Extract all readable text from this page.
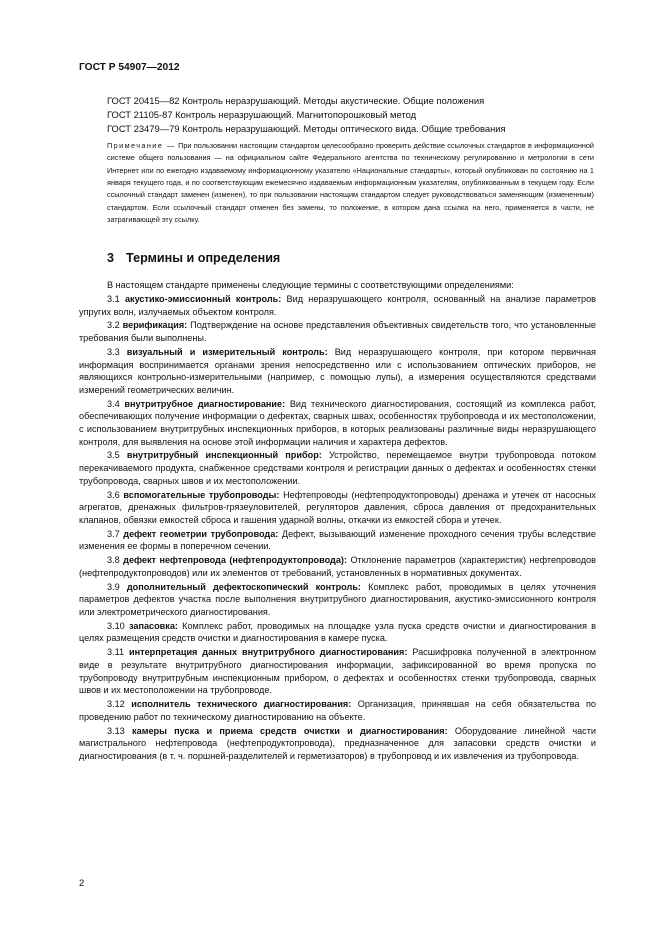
ГОСТ Р 54907—2012
ГОСТ 20415—82 Контроль неразрушающий. Методы акустические. Общие положения
ГОСТ 21105-87 Контроль неразрушающий. Магнитопорошковый метод
ГОСТ 23479—79 Контроль неразрушающий. Методы оптического вида. Общие требования
Примечание — При пользовании настоящим стандартом целесообразно проверить действие ссылочных стандартов в информационной системе общего пользования — на официальном сайте Федерального агентства по техническому регулированию и метрологии в сети Интернет или по ежегодно издаваемому информационному указателю «Национальные стандарты», который опубликован по состоянию на 1 января текущего года, и по соответствующим ежемесячно издаваемым информационным указателям, опубликованным в текущем году. Если ссылочный стандарт заменен (изменен), то при пользовании настоящим стандартом следует руководствоваться заменяющим (измененным) стандартом. Если ссылочный стандарт отменен без замены, то положение, в котором дана ссылка на него, применяется в части, не затрагивающей эту ссылку.
3 Термины и определения

В настоящем стандарте применены следующие термины с соответствующими определениями:

3.1 акустико-эмиссионный контроль: Вид неразрушающего контроля, основанный на анализе параметров упругих волн, излучаемых объектом контроля.

3.2 верификация: Подтверждение на основе представления объективных свидетельств того, что установленные требования были выполнены.

3.3 визуальный и измерительный контроль: Вид неразрушающего контроля, при котором первичная информация воспринимается органами зрения непосредственно или с использованием оптических приборов, не являющихся контрольно-измерительными (например, с помощью лупы), а измерения осуществляются средствами измерений геометрических величин.

3.4 внутритрубное диагностирование: Вид технического диагностирования, состоящий из комплекса работ, обеспечивающих получение информации о дефектах, сварных швах, особенностях трубопровода и их местоположении, с использованием внутритрубных инспекционных приборов, в которых реализованы различные виды неразрушающего контроля, для выявления на основе этой информации наличия и характера дефектов.

3.5 внутритрубный инспекционный прибор: Устройство, перемещаемое внутри трубопровода потоком перекачиваемого продукта, снабженное средствами контроля и регистрации данных о дефектах и особенностях стенки трубопровода, сварных швов и их местоположении.

3.6 вспомогательные трубопроводы: Нефтепроводы (нефтепродуктопроводы) дренажа и утечек от насосных агрегатов, дренажных фильтров-грязеуловителей, регуляторов давления, сброса давления от предохранительных клапанов, обвязки емкостей сброса и гашения ударной волны, откачки из емкостей сбора и утечек.

3.7 дефект геометрии трубопровода: Дефект, вызывающий изменение проходного сечения трубы вследствие изменения ее формы в поперечном сечении.

3.8 дефект нефтепровода (нефтепродуктопровода): Отклонение параметров (характеристик) нефтепроводов (нефтепродуктопроводов) или их элементов от требований, установленных в нормативных документах.

3.9 дополнительный дефектоскопический контроль: Комплекс работ, проводимых в целях уточнения параметров дефектов участка после выполнения внутритрубного диагностирования, акустико-эмиссионного контроля или электрометрического диагностирования.

3.10 запасовка: Комплекс работ, проводимых на площадке узла пуска средств очистки и диагностирования в целях размещения средств очистки и диагностирования в камере пуска.

3.11 интерпретация данных внутритрубного диагностирования: Расшифровка полученной в электронном виде в результате внутритрубного диагностирования информации, зафиксированной во время пропуска по трубопроводу внутритрубным инспекционным прибором, о дефектах и особенностях стенки трубопровода, сварных швов и их местоположении на трубопроводе.

3.12 исполнитель технического диагностирования: Организация, принявшая на себя обязательства по проведению работ по техническому диагностированию на объекте.

3.13 камеры пуска и приема средств очистки и диагностирования: Оборудование линейной части магистрального нефтепровода (нефтепродуктопровода), предназначенное для запасовки средств очистки и диагностирования (в т. ч. поршней-разделителей и герметизаторов) в трубопровод и их извлечения из трубопровода.

2
